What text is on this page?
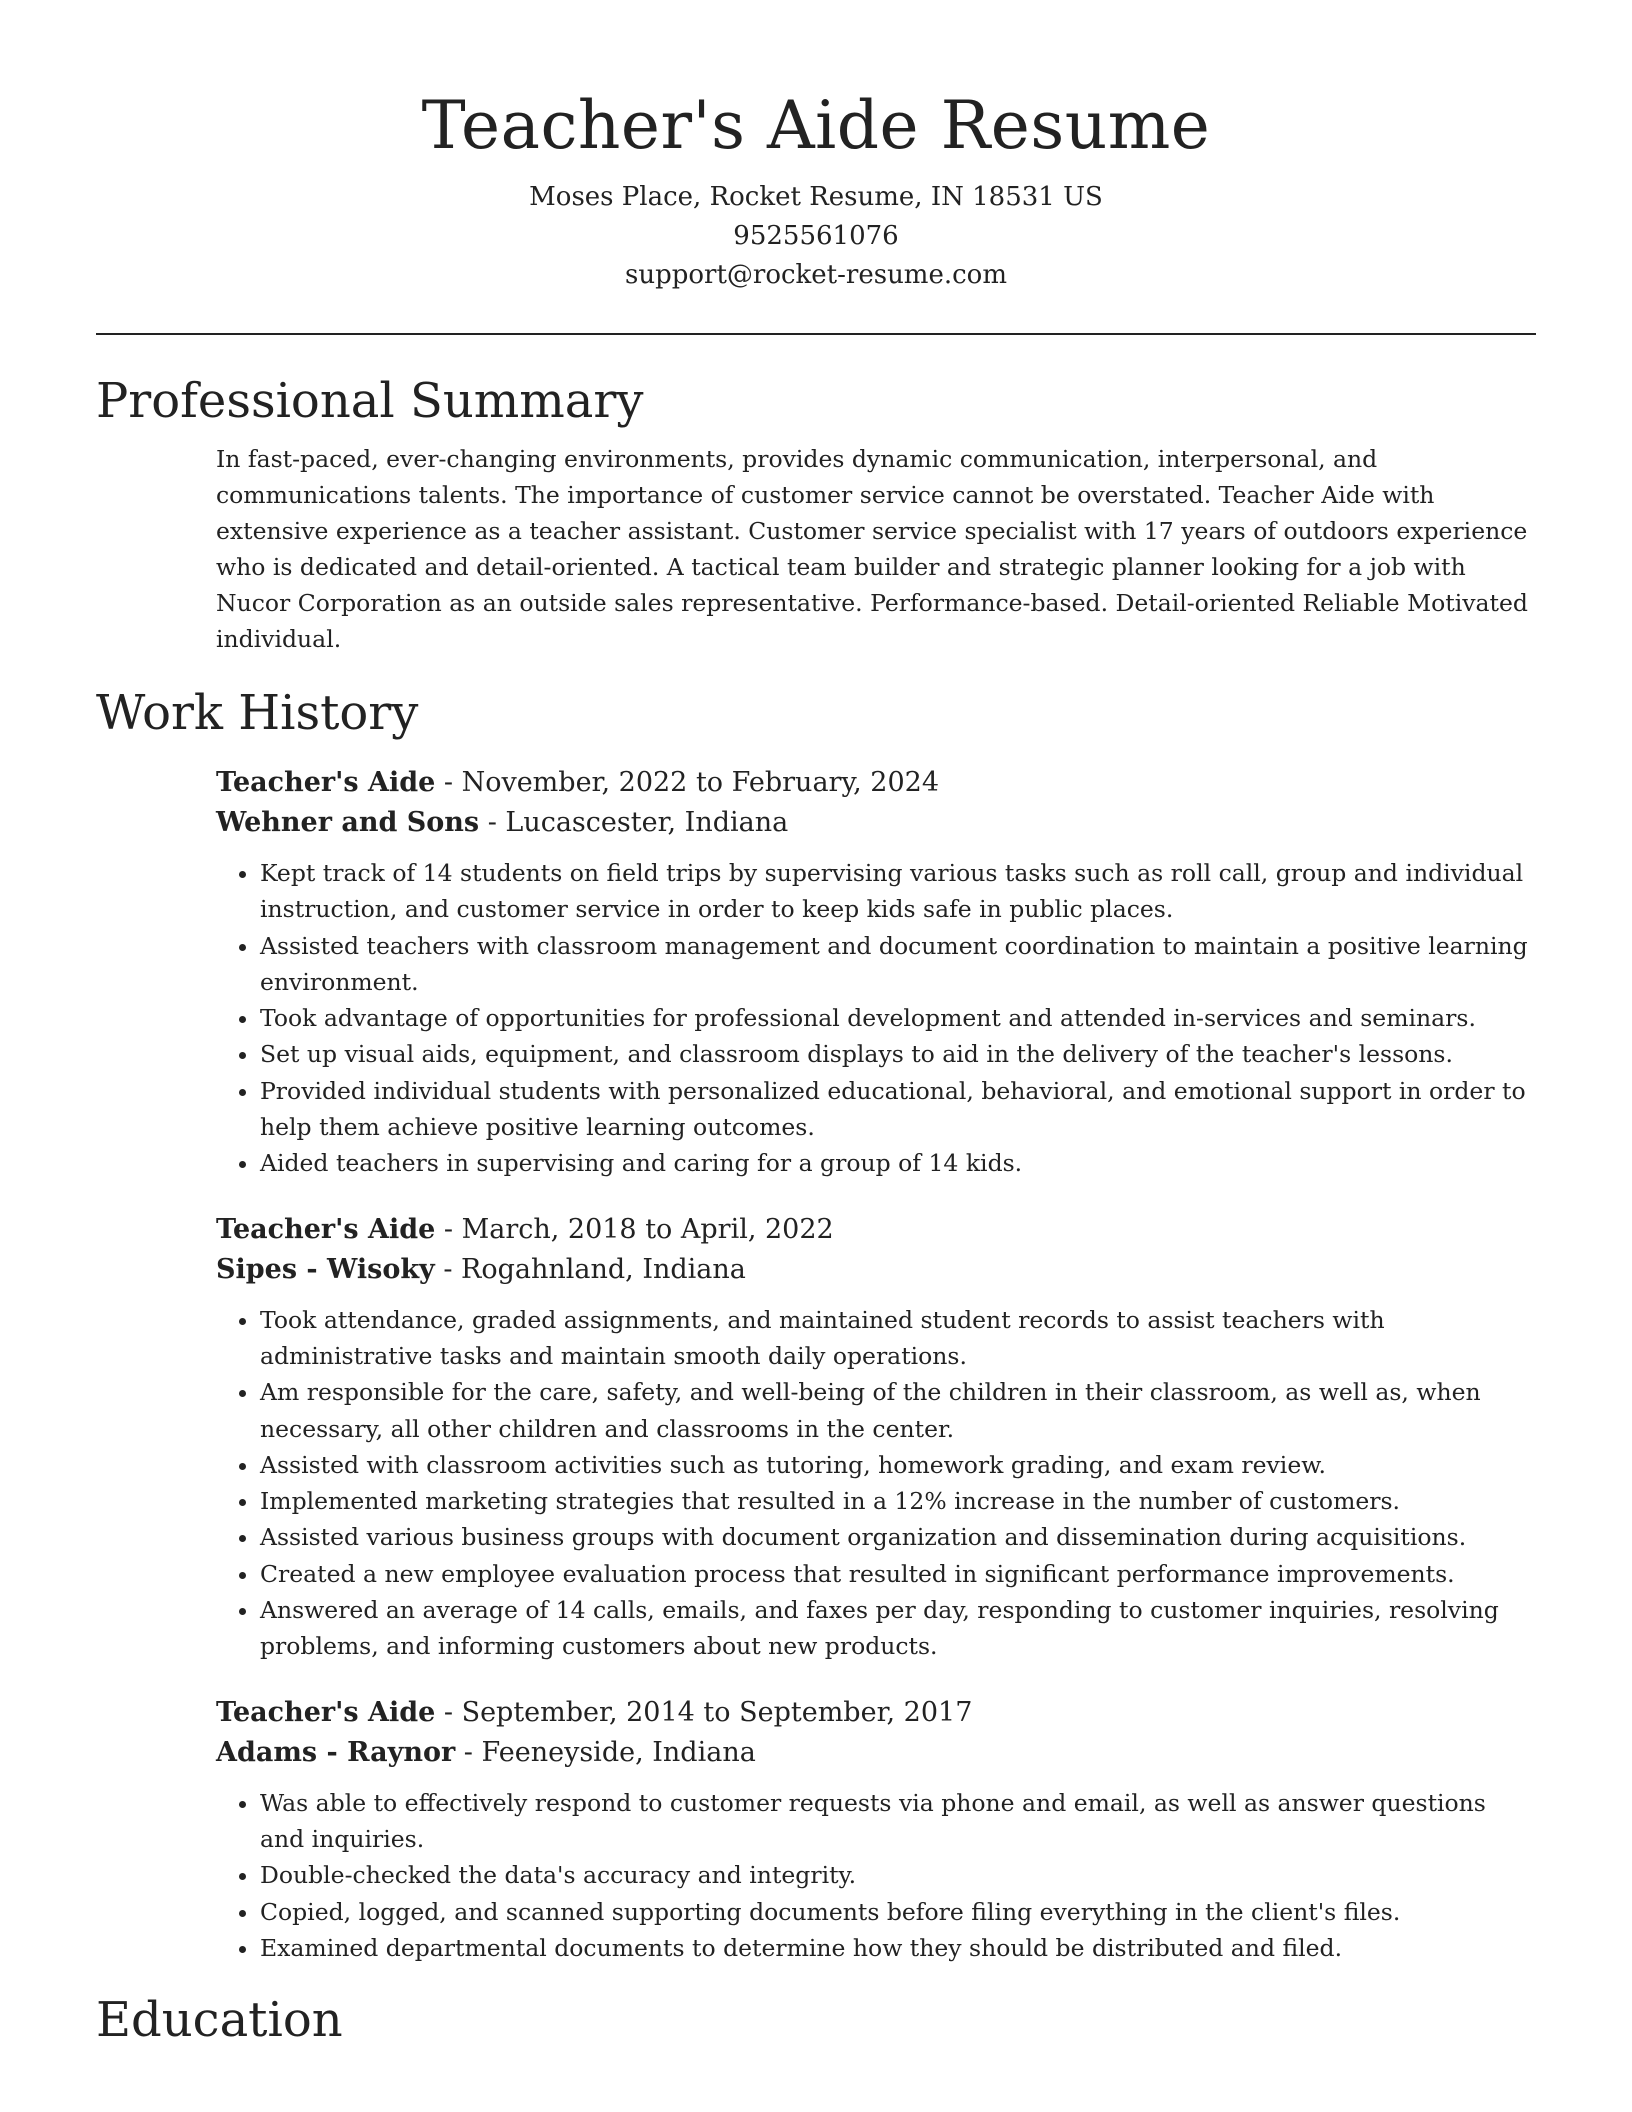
Teacher's Aide Resume

Moses Place, Rocket Resume, IN 18531 US

9525561076

support@rocket-resume.com

Professional Summary

In fast-paced, ever-changing environments, provides dynamic communication, interpersonal, and communications talents. The importance of customer service cannot be overstated. Teacher Aide with extensive experience as a teacher assistant. Customer service specialist with 17 years of outdoors experience who is dedicated and detail-oriented. A tactical team builder and strategic planner looking for a job with Nucor Corporation as an outside sales representative. Performance-based. Detail-oriented Reliable Motivated individual.

Work History

Teacher's Aide - November, 2022 to February, 2024

Wehner and Sons - Lucascester, Indiana

• Kept track of 14 students on field trips by supervising various tasks such as roll call, group and individual instruction, and customer service in order to keep kids safe in public places.
• Assisted teachers with classroom management and document coordination to maintain a positive learning environment.
• Took advantage of opportunities for professional development and attended in-services and seminars.
• Set up visual aids, equipment, and classroom displays to aid in the delivery of the teacher's lessons.
• Provided individual students with personalized educational, behavioral, and emotional support in order to help them achieve positive learning outcomes.
• Aided teachers in supervising and caring for a group of 14 kids.

Teacher's Aide - March, 2018 to April, 2022

Sipes - Wisoky - Rogahnland, Indiana

• Took attendance, graded assignments, and maintained student records to assist teachers with administrative tasks and maintain smooth daily operations.
• Am responsible for the care, safety, and well-being of the children in their classroom, as well as, when necessary, all other children and classrooms in the center.
• Assisted with classroom activities such as tutoring, homework grading, and exam review.
• Implemented marketing strategies that resulted in a 12% increase in the number of customers.
• Assisted various business groups with document organization and dissemination during acquisitions.
• Created a new employee evaluation process that resulted in significant performance improvements.
• Answered an average of 14 calls, emails, and faxes per day, responding to customer inquiries, resolving problems, and informing customers about new products.

Teacher's Aide - September, 2014 to September, 2017

Adams - Raynor - Feeneyside, Indiana

• Was able to effectively respond to customer requests via phone and email, as well as answer questions and inquiries.
• Double-checked the data's accuracy and integrity.
• Copied, logged, and scanned supporting documents before filing everything in the client's files.
• Examined departmental documents to determine how they should be distributed and filed.
Education
